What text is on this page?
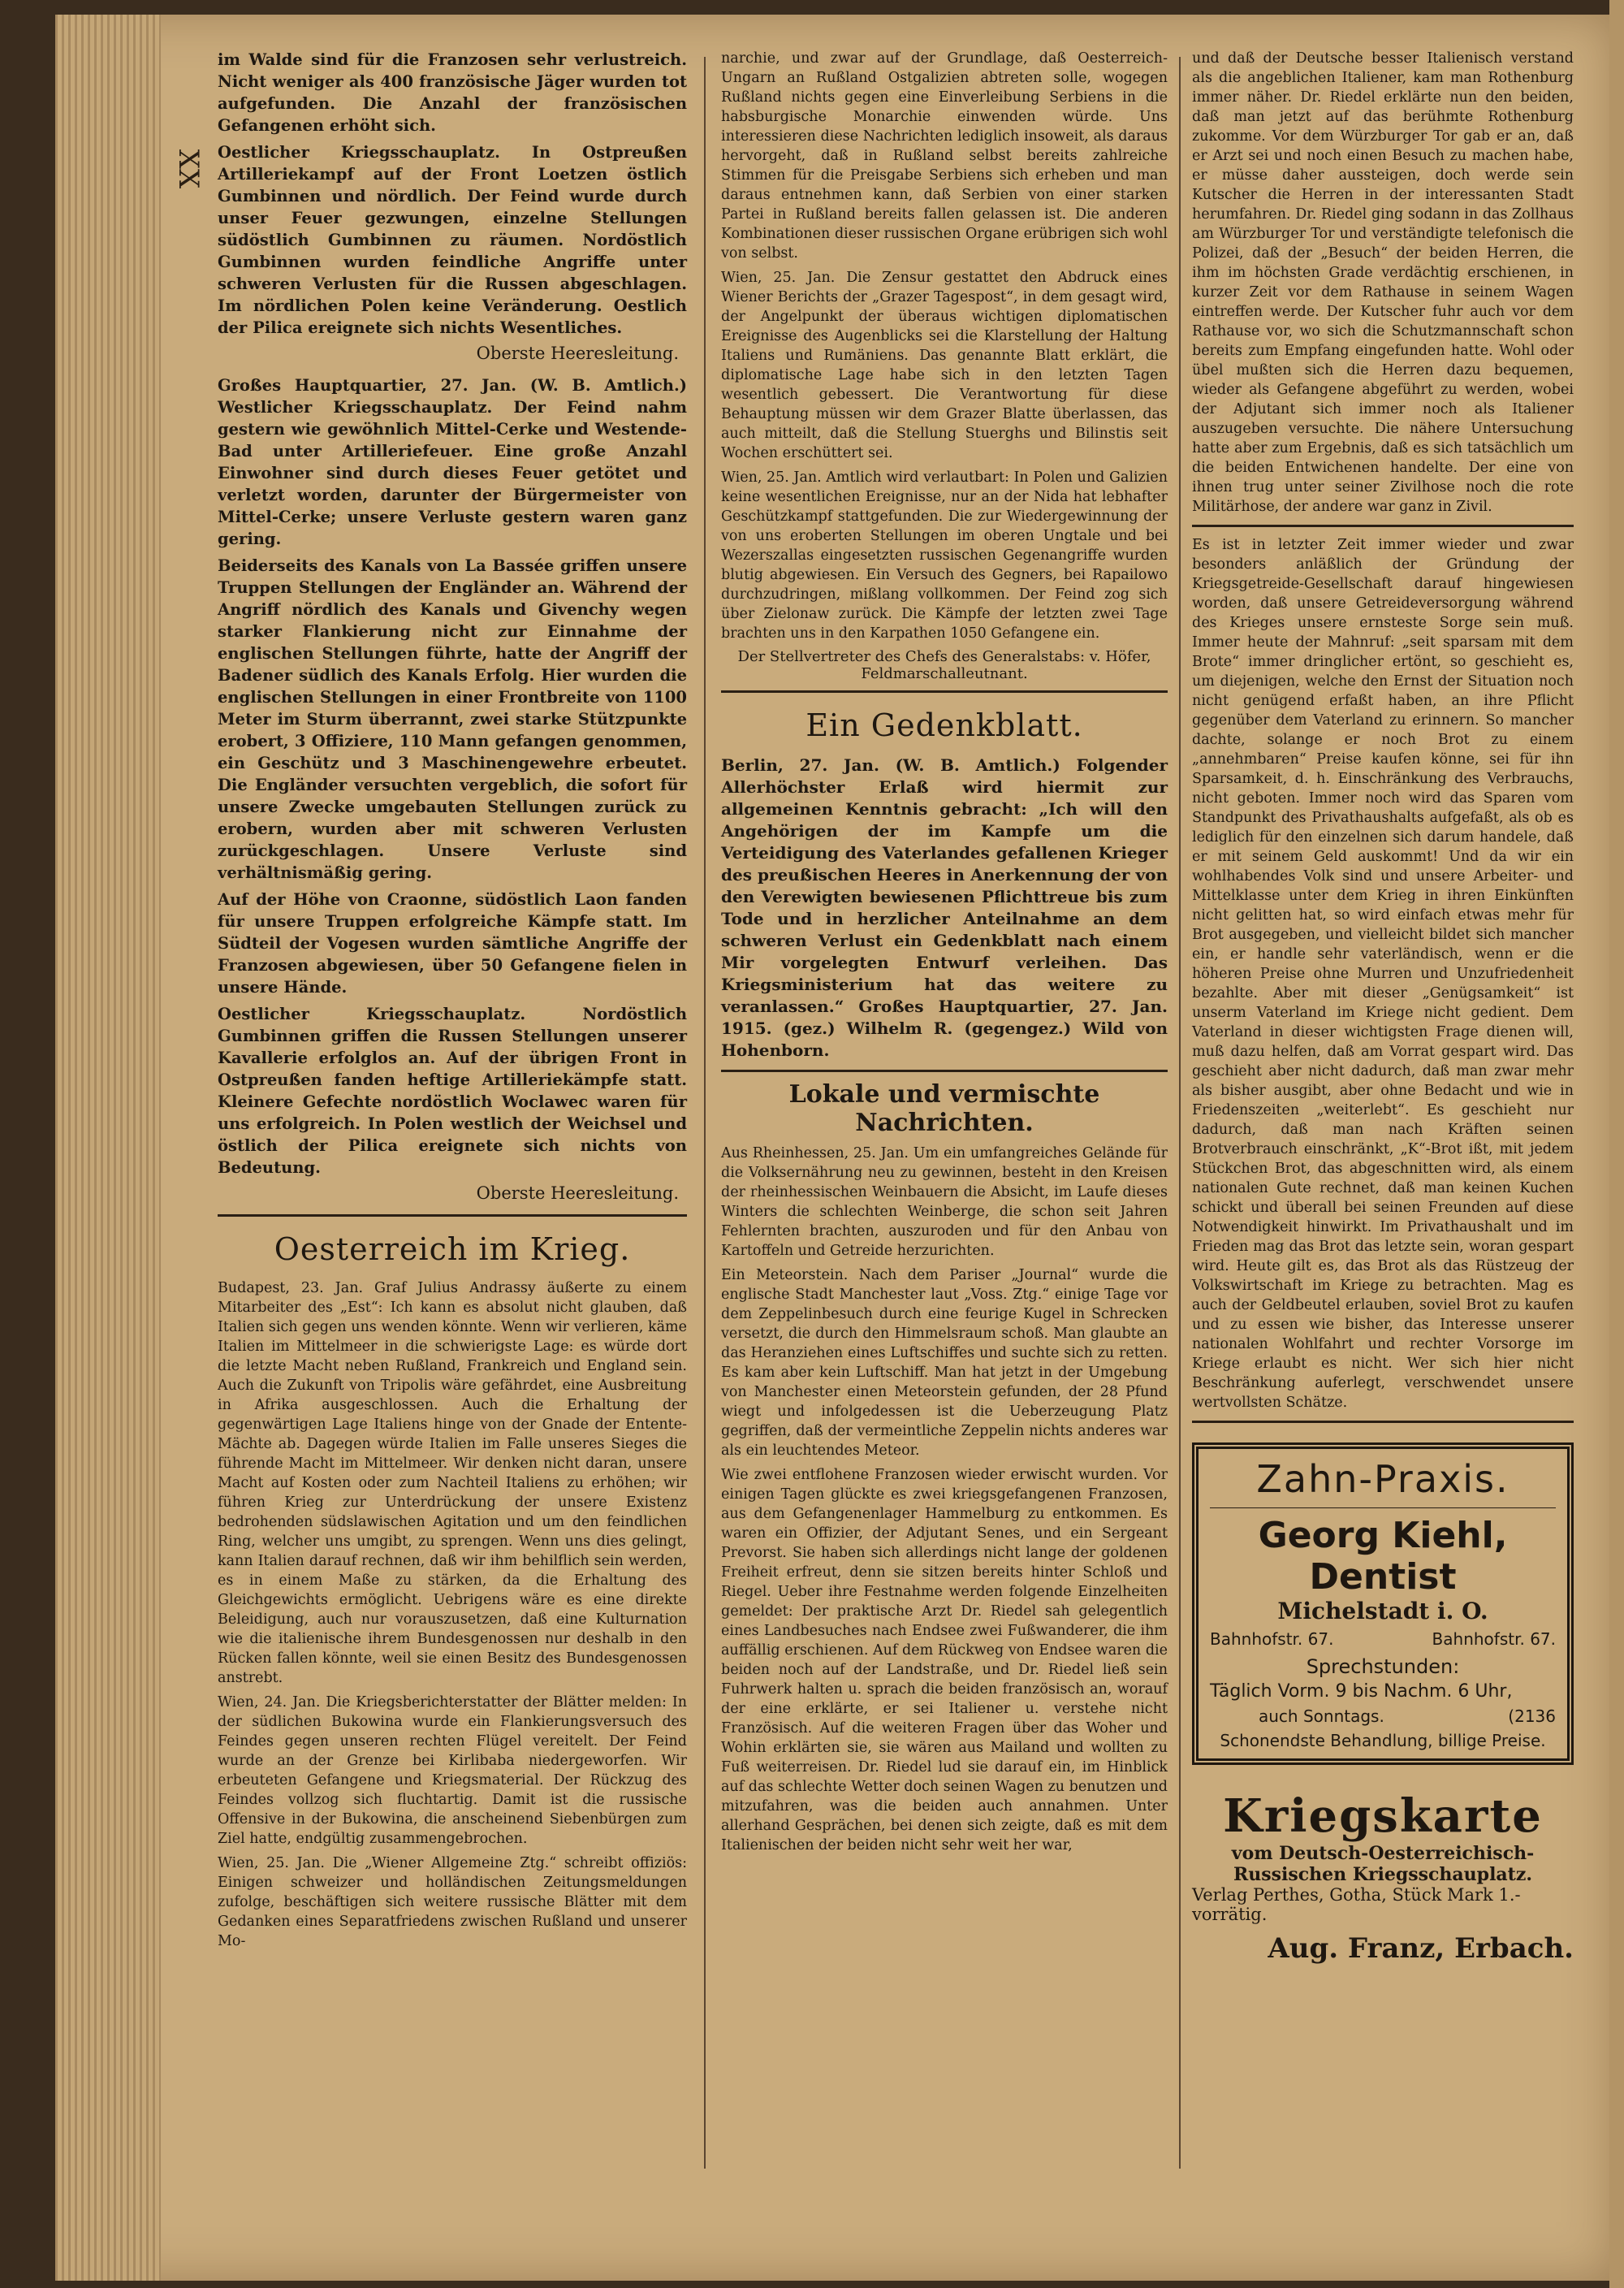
XX

im Walde sind für die Franzosen sehr verlustreich. Nicht weniger als 400 französische Jäger wurden tot aufgefunden. Die Anzahl der französischen Gefangenen erhöht sich.

Oestlicher Kriegsschauplatz. In Ostpreußen Artilleriekampf auf der Front Loetzen östlich Gumbinnen und nördlich. Der Feind wurde durch unser Feuer gezwungen, einzelne Stellungen südöstlich Gumbinnen zu räumen. Nordöstlich Gumbinnen wurden feindliche Angriffe unter schweren Verlusten für die Russen abgeschlagen. Im nördlichen Polen keine Veränderung. Oestlich der Pilica ereignete sich nichts Wesentliches.

Oberste Heeresleitung.

Großes Hauptquartier, 27. Jan. (W. B. Amtlich.) Westlicher Kriegsschauplatz. Der Feind nahm gestern wie gewöhnlich Mittel-Cerke und Westende-Bad unter Artilleriefeuer. Eine große Anzahl Einwohner sind durch dieses Feuer getötet und verletzt worden, darunter der Bürgermeister von Mittel-Cerke; unsere Verluste gestern waren ganz gering.

Beiderseits des Kanals von La Bassée griffen unsere Truppen Stellungen der Engländer an. Während der Angriff nördlich des Kanals und Givenchy wegen starker Flankierung nicht zur Einnahme der englischen Stellungen führte, hatte der Angriff der Badener südlich des Kanals Erfolg. Hier wurden die englischen Stellungen in einer Frontbreite von 1100 Meter im Sturm überrannt, zwei starke Stützpunkte erobert, 3 Offiziere, 110 Mann gefangen genommen, ein Geschütz und 3 Maschinengewehre erbeutet. Die Engländer versuchten vergeblich, die sofort für unsere Zwecke umgebauten Stellungen zurück zu erobern, wurden aber mit schweren Verlusten zurückgeschlagen. Unsere Verluste sind verhältnismäßig gering.

Auf der Höhe von Craonne, südöstlich Laon fanden für unsere Truppen erfolgreiche Kämpfe statt. Im Südteil der Vogesen wurden sämtliche Angriffe der Franzosen abgewiesen, über 50 Gefangene fielen in unsere Hände.

Oestlicher Kriegsschauplatz. Nordöstlich Gumbinnen griffen die Russen Stellungen unserer Kavallerie erfolglos an. Auf der übrigen Front in Ostpreußen fanden heftige Artilleriekämpfe statt. Kleinere Gefechte nordöstlich Woclawec waren für uns erfolgreich. In Polen westlich der Weichsel und östlich der Pilica ereignete sich nichts von Bedeutung.

Oberste Heeresleitung.
Oesterreich im Krieg.

Budapest, 23. Jan. Graf Julius Andrassy äußerte zu einem Mitarbeiter des „Est“: Ich kann es absolut nicht glauben, daß Italien sich gegen uns wenden könnte. Wenn wir verlieren, käme Italien im Mittelmeer in die schwierigste Lage: es würde dort die letzte Macht neben Rußland, Frankreich und England sein. Auch die Zukunft von Tripolis wäre gefährdet, eine Ausbreitung in Afrika ausgeschlossen. Auch die Erhaltung der gegenwärtigen Lage Italiens hinge von der Gnade der Entente-Mächte ab. Dagegen würde Italien im Falle unseres Sieges die führende Macht im Mittelmeer. Wir denken nicht daran, unsere Macht auf Kosten oder zum Nachteil Italiens zu erhöhen; wir führen Krieg zur Unterdrückung der unsere Existenz bedrohenden südslawischen Agitation und um den feindlichen Ring, welcher uns umgibt, zu sprengen. Wenn uns dies gelingt, kann Italien darauf rechnen, daß wir ihm behilflich sein werden, es in einem Maße zu stärken, da die Erhaltung des Gleichgewichts ermöglicht. Uebrigens wäre es eine direkte Beleidigung, auch nur vorauszusetzen, daß eine Kulturnation wie die italienische ihrem Bundesgenossen nur deshalb in den Rücken fallen könnte, weil sie einen Besitz des Bundesgenossen anstrebt.

Wien, 24. Jan. Die Kriegsberichterstatter der Blätter melden: In der südlichen Bukowina wurde ein Flankierungsversuch des Feindes gegen unseren rechten Flügel vereitelt. Der Feind wurde an der Grenze bei Kirlibaba niedergeworfen. Wir erbeuteten Gefangene und Kriegsmaterial. Der Rückzug des Feindes vollzog sich fluchtartig. Damit ist die russische Offensive in der Bukowina, die anscheinend Siebenbürgen zum Ziel hatte, endgültig zusammengebrochen.

Wien, 25. Jan. Die „Wiener Allgemeine Ztg.“ schreibt offiziös: Einigen schweizer und holländischen Zeitungsmeldungen zufolge, beschäftigen sich weitere russische Blätter mit dem Gedanken eines Separatfriedens zwischen Rußland und unserer Mo-

narchie, und zwar auf der Grundlage, daß Oesterreich-Ungarn an Rußland Ostgalizien abtreten solle, wogegen Rußland nichts gegen eine Einverleibung Serbiens in die habsburgische Monarchie einwenden würde. Uns interessieren diese Nachrichten lediglich insoweit, als daraus hervorgeht, daß in Rußland selbst bereits zahlreiche Stimmen für die Preisgabe Serbiens sich erheben und man daraus entnehmen kann, daß Serbien von einer starken Partei in Rußland bereits fallen gelassen ist. Die anderen Kombinationen dieser russischen Organe erübrigen sich wohl von selbst.

Wien, 25. Jan. Die Zensur gestattet den Abdruck eines Wiener Berichts der „Grazer Tagespost“, in dem gesagt wird, der Angelpunkt der überaus wichtigen diplomatischen Ereignisse des Augenblicks sei die Klarstellung der Haltung Italiens und Rumäniens. Das genannte Blatt erklärt, die diplomatische Lage habe sich in den letzten Tagen wesentlich gebessert. Die Verantwortung für diese Behauptung müssen wir dem Grazer Blatte überlassen, das auch mitteilt, daß die Stellung Stuerghs und Bilinstis seit Wochen erschüttert sei.

Wien, 25. Jan. Amtlich wird verlautbart: In Polen und Galizien keine wesentlichen Ereignisse, nur an der Nida hat lebhafter Geschützkampf stattgefunden. Die zur Wiedergewinnung der von uns eroberten Stellungen im oberen Ungtale und bei Wezerszallas eingesetzten russischen Gegenangriffe wurden blutig abgewiesen. Ein Versuch des Gegners, bei Rapailowo durchzudringen, mißlang vollkommen. Der Feind zog sich über Zielonaw zurück. Die Kämpfe der letzten zwei Tage brachten uns in den Karpathen 1050 Gefangene ein.

Der Stellvertreter des Chefs des Generalstabs: v. Höfer, Feldmarschalleutnant.
Ein Gedenkblatt.

Berlin, 27. Jan. (W. B. Amtlich.) Folgender Allerhöchster Erlaß wird hiermit zur allgemeinen Kenntnis gebracht: „Ich will den Angehörigen der im Kampfe um die Verteidigung des Vaterlandes gefallenen Krieger des preußischen Heeres in Anerkennung der von den Verewigten bewiesenen Pflichttreue bis zum Tode und in herzlicher Anteilnahme an dem schweren Verlust ein Gedenkblatt nach einem Mir vorgelegten Entwurf verleihen. Das Kriegsministerium hat das weitere zu veranlassen.“ Großes Hauptquartier, 27. Jan. 1915. (gez.) Wilhelm R. (gegengez.) Wild von Hohenborn.

Lokale und vermischte Nachrichten.

Aus Rheinhessen, 25. Jan. Um ein umfangreiches Gelände für die Volksernährung neu zu gewinnen, besteht in den Kreisen der rheinhessischen Weinbauern die Absicht, im Laufe dieses Winters die schlechten Weinberge, die schon seit Jahren Fehlernten brachten, auszuroden und für den Anbau von Kartoffeln und Getreide herzurichten.

Ein Meteorstein. Nach dem Pariser „Journal“ wurde die englische Stadt Manchester laut „Voss. Ztg.“ einige Tage vor dem Zeppelinbesuch durch eine feurige Kugel in Schrecken versetzt, die durch den Himmelsraum schoß. Man glaubte an das Heranziehen eines Luftschiffes und suchte sich zu retten. Es kam aber kein Luftschiff. Man hat jetzt in der Umgebung von Manchester einen Meteorstein gefunden, der 28 Pfund wiegt und infolgedessen ist die Ueberzeugung Platz gegriffen, daß der vermeintliche Zeppelin nichts anderes war als ein leuchtendes Meteor.

Wie zwei entflohene Franzosen wieder erwischt wurden. Vor einigen Tagen glückte es zwei kriegsgefangenen Franzosen, aus dem Gefangenenlager Hammelburg zu entkommen. Es waren ein Offizier, der Adjutant Senes, und ein Sergeant Prevorst. Sie haben sich allerdings nicht lange der goldenen Freiheit erfreut, denn sie sitzen bereits hinter Schloß und Riegel. Ueber ihre Festnahme werden folgende Einzelheiten gemeldet: Der praktische Arzt Dr. Riedel sah gelegentlich eines Landbesuches nach Endsee zwei Fußwanderer, die ihm auffällig erschienen. Auf dem Rückweg von Endsee waren die beiden noch auf der Landstraße, und Dr. Riedel ließ sein Fuhrwerk halten u. sprach die beiden französisch an, worauf der eine erklärte, er sei Italiener u. verstehe nicht Französisch. Auf die weiteren Fragen über das Woher und Wohin erklärten sie, sie wären aus Mailand und wollten zu Fuß weiterreisen. Dr. Riedel lud sie darauf ein, im Hinblick auf das schlechte Wetter doch seinen Wagen zu benutzen und mitzufahren, was die beiden auch annahmen. Unter allerhand Gesprächen, bei denen sich zeigte, daß es mit dem Italienischen der beiden nicht sehr weit her war,

und daß der Deutsche besser Italienisch verstand als die angeblichen Italiener, kam man Rothenburg immer näher. Dr. Riedel erklärte nun den beiden, daß man jetzt auf das berühmte Rothenburg zukomme. Vor dem Würzburger Tor gab er an, daß er Arzt sei und noch einen Besuch zu machen habe, er müsse daher aussteigen, doch werde sein Kutscher die Herren in der interessanten Stadt herumfahren. Dr. Riedel ging sodann in das Zollhaus am Würzburger Tor und verständigte telefonisch die Polizei, daß der „Besuch“ der beiden Herren, die ihm im höchsten Grade verdächtig erschienen, in kurzer Zeit vor dem Rathause in seinem Wagen eintreffen werde. Der Kutscher fuhr auch vor dem Rathause vor, wo sich die Schutzmannschaft schon bereits zum Empfang eingefunden hatte. Wohl oder übel mußten sich die Herren dazu bequemen, wieder als Gefangene abgeführt zu werden, wobei der Adjutant sich immer noch als Italiener auszugeben versuchte. Die nähere Untersuchung hatte aber zum Ergebnis, daß es sich tatsächlich um die beiden Entwichenen handelte. Der eine von ihnen trug unter seiner Zivilhose noch die rote Militärhose, der andere war ganz in Zivil.

Es ist in letzter Zeit immer wieder und zwar besonders anläßlich der Gründung der Kriegsgetreide-Gesellschaft darauf hingewiesen worden, daß unsere Getreideversorgung während des Krieges unsere ernsteste Sorge sein muß. Immer heute der Mahnruf: „seit sparsam mit dem Brote“ immer dringlicher ertönt, so geschieht es, um diejenigen, welche den Ernst der Situation noch nicht genügend erfaßt haben, an ihre Pflicht gegenüber dem Vaterland zu erinnern. So mancher dachte, solange er noch Brot zu einem „annehmbaren“ Preise kaufen könne, sei für ihn Sparsamkeit, d. h. Einschränkung des Verbrauchs, nicht geboten. Immer noch wird das Sparen vom Standpunkt des Privathaushalts aufgefaßt, als ob es lediglich für den einzelnen sich darum handele, daß er mit seinem Geld auskommt! Und da wir ein wohlhabendes Volk sind und unsere Arbeiter- und Mittelklasse unter dem Krieg in ihren Einkünften nicht gelitten hat, so wird einfach etwas mehr für Brot ausgegeben, und vielleicht bildet sich mancher ein, er handle sehr vaterländisch, wenn er die höheren Preise ohne Murren und Unzufriedenheit bezahlte. Aber mit dieser „Genügsamkeit“ ist unserm Vaterland im Kriege nicht gedient. Dem Vaterland in dieser wichtigsten Frage dienen will, muß dazu helfen, daß am Vorrat gespart wird. Das geschieht aber nicht dadurch, daß man zwar mehr als bisher ausgibt, aber ohne Bedacht und wie in Friedenszeiten „weiterlebt“. Es geschieht nur dadurch, daß man nach Kräften seinen Brotverbrauch einschränkt, „K“-Brot ißt, mit jedem Stückchen Brot, das abgeschnitten wird, als einem nationalen Gute rechnet, daß man keinen Kuchen schickt und überall bei seinen Freunden auf diese Notwendigkeit hinwirkt. Im Privathaushalt und im Frieden mag das Brot das letzte sein, woran gespart wird. Heute gilt es, das Brot als das Rüstzeug der Volkswirtschaft im Kriege zu betrachten. Mag es auch der Geldbeutel erlauben, soviel Brot zu kaufen und zu essen wie bisher, das Interesse unserer nationalen Wohlfahrt und rechter Vorsorge im Kriege erlaubt es nicht. Wer sich hier nicht Beschränkung auferlegt, verschwendet unsere wertvollsten Schätze.

Zahn-Praxis.
Georg Kiehl, Dentist
Michelstadt i. O.
Bahnhofstr. 67.	Bahnhofstr. 67.
Sprechstunden:
Täglich Vorm. 9 bis Nachm. 6 Uhr,
auch Sonntags.	(2136
Schonendste Behandlung, billige Preise.
Kriegskarte
vom Deutsch-Oesterreichisch-Russischen Kriegsschauplatz.
Verlag Perthes, Gotha, Stück Mark 1.- vorrätig.
Aug. Franz, Erbach.
